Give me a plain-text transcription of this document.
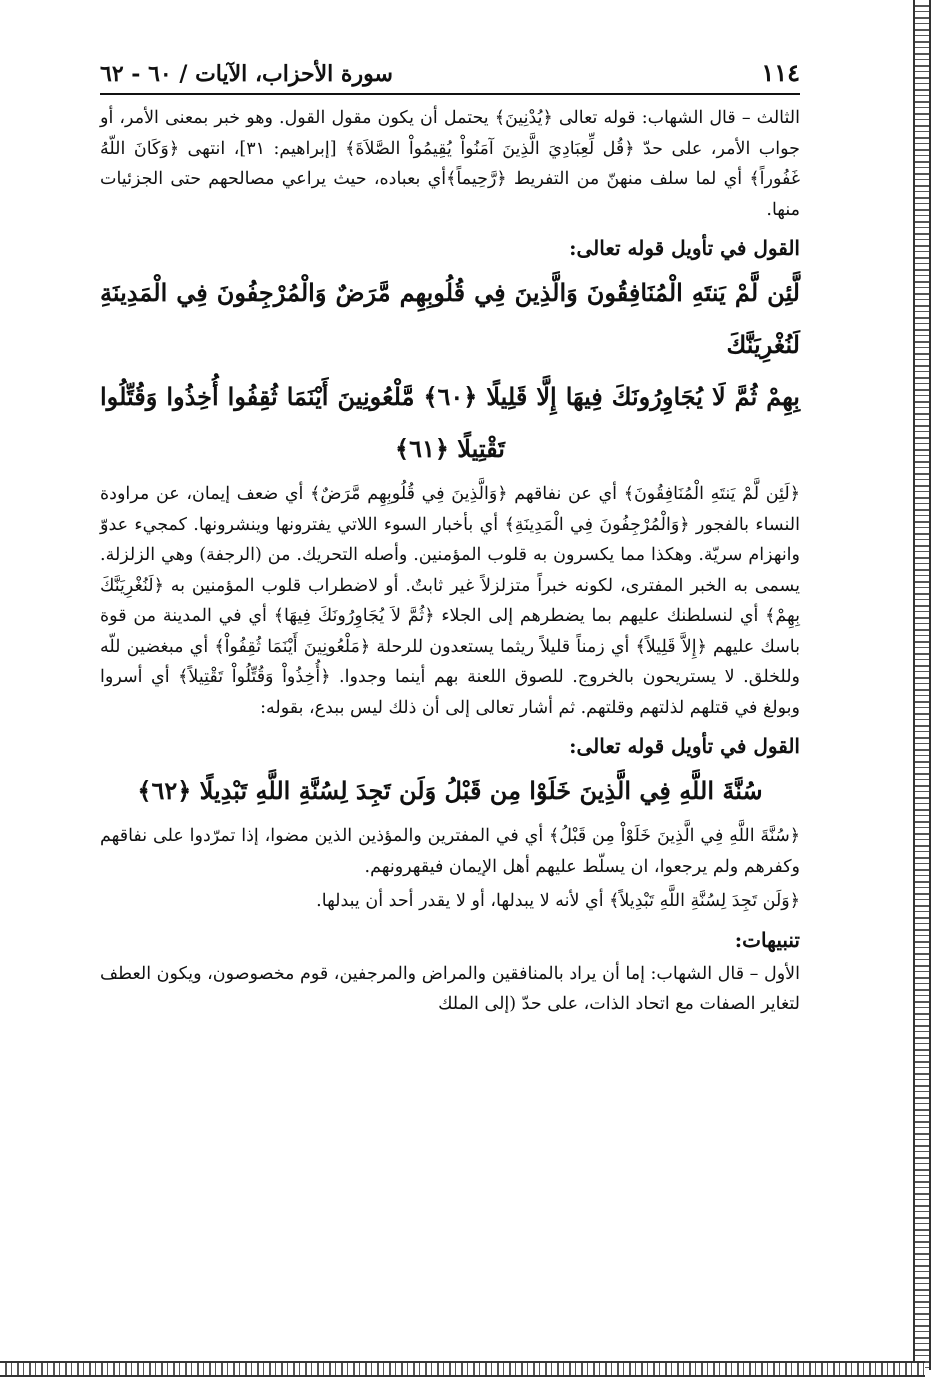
١١٤
سورة الأحزاب، الآيات / ٦٠ - ٦٢

الثالث – قال الشهاب: قوله تعالى ﴿يُدْنِينَ﴾ يحتمل أن يكون مقول القول. وهو خبر بمعنى الأمر، أو جواب الأمر، على حدّ ﴿قُل لِّعِبَادِيَ الَّذِينَ آمَنُواْ يُقِيمُواْ الصَّلاَةَ﴾ [إبراهيم: ٣١]، انتهى ﴿وَكَانَ اللّهُ غَفُوراً﴾ أي لما سلف منهنّ من التفريط ﴿رَّحِيماً﴾أي بعباده، حيث يراعي مصالحهم حتى الجزئيات منها.

القول في تأويل قوله تعالى:
لَّئِن لَّمْ يَنتَهِ الْمُنَافِقُونَ وَالَّذِينَ فِي قُلُوبِهِم مَّرَضٌ وَالْمُرْجِفُونَ فِي الْمَدِينَةِ لَنُغْرِيَنَّكَ
بِهِمْ ثُمَّ لَا يُجَاوِرُونَكَ فِيهَا إِلَّا قَلِيلًا ﴿٦٠﴾ مَّلْعُونِينَ أَيْنَمَا ثُقِفُوا أُخِذُوا وَقُتِّلُوا
تَقْتِيلًا ﴿٦١﴾

﴿لَئِن لَّمْ يَنتَهِ الْمُنَافِقُونَ﴾ أي عن نفاقهم ﴿وَالَّذِينَ فِي قُلُوبِهِم مَّرَضٌ﴾ أي ضعف إيمان، عن مراودة النساء بالفجور ﴿وَالْمُرْجِفُونَ فِي الْمَدِينَةِ﴾ أي بأخبار السوء اللاتي يفترونها وينشرونها. كمجيء عدوّ وانهزام سريّة. وهكذا مما يكسرون به قلوب المؤمنين. وأصله التحريك. من (الرجفة) وهي الزلزلة. يسمى به الخبر المفترى، لكونه خبراً متزلزلاً غير ثابتٌ. أو لاضطراب قلوب المؤمنين به ﴿لَنُغْرِيَنَّكَ بِهِمْ﴾ أي لنسلطنك عليهم بما يضطرهم إلى الجلاء ﴿ثُمَّ لاَ يُجَاوِرُونَكَ فِيهَا﴾ أي في المدينة من قوة باسك عليهم ﴿إِلاَّ قَلِيلاً﴾ أي زمناً قليلاً ريثما يستعدون للرحلة ﴿مَلْعُونِينَ أَيْنَمَا ثُقِفُواْ﴾ أي مبغضين للّه وللخلق. لا يستريحون بالخروج. للصوق اللعنة بهم أينما وجدوا. ﴿أُخِذُواْ وَقُتِّلُواْ تَقْتِيلاً﴾ أي أسروا وبولغ في قتلهم لذلتهم وقلتهم. ثم أشار تعالى إلى أن ذلك ليس ببدع، بقوله:

القول في تأويل قوله تعالى:
سُنَّةَ اللَّهِ فِي الَّذِينَ خَلَوْا مِن قَبْلُ وَلَن تَجِدَ لِسُنَّةِ اللَّهِ تَبْدِيلًا ﴿٦٢﴾

﴿سُنَّةَ اللَّهِ فِي الَّذِينَ خَلَوْاْ مِن قَبْلُ﴾ أي في المفترين والمؤذين الذين مضوا، إذا تمرّدوا على نفاقهم وكفرهم ولم يرجعوا، ان يسلّط عليهم أهل الإيمان فيقهرونهم.

﴿وَلَن تَجِدَ لِسُنَّةِ اللَّهِ تَبْدِيلاً﴾ أي لأنه لا يبدلها، أو لا يقدر أحد أن يبدلها.

تنبيهات:

الأول – قال الشهاب: إما أن يراد بالمنافقين والمراض والمرجفين، قوم مخصوصون، ويكون العطف لتغاير الصفات مع اتحاد الذات، على حدّ (إلى الملك
